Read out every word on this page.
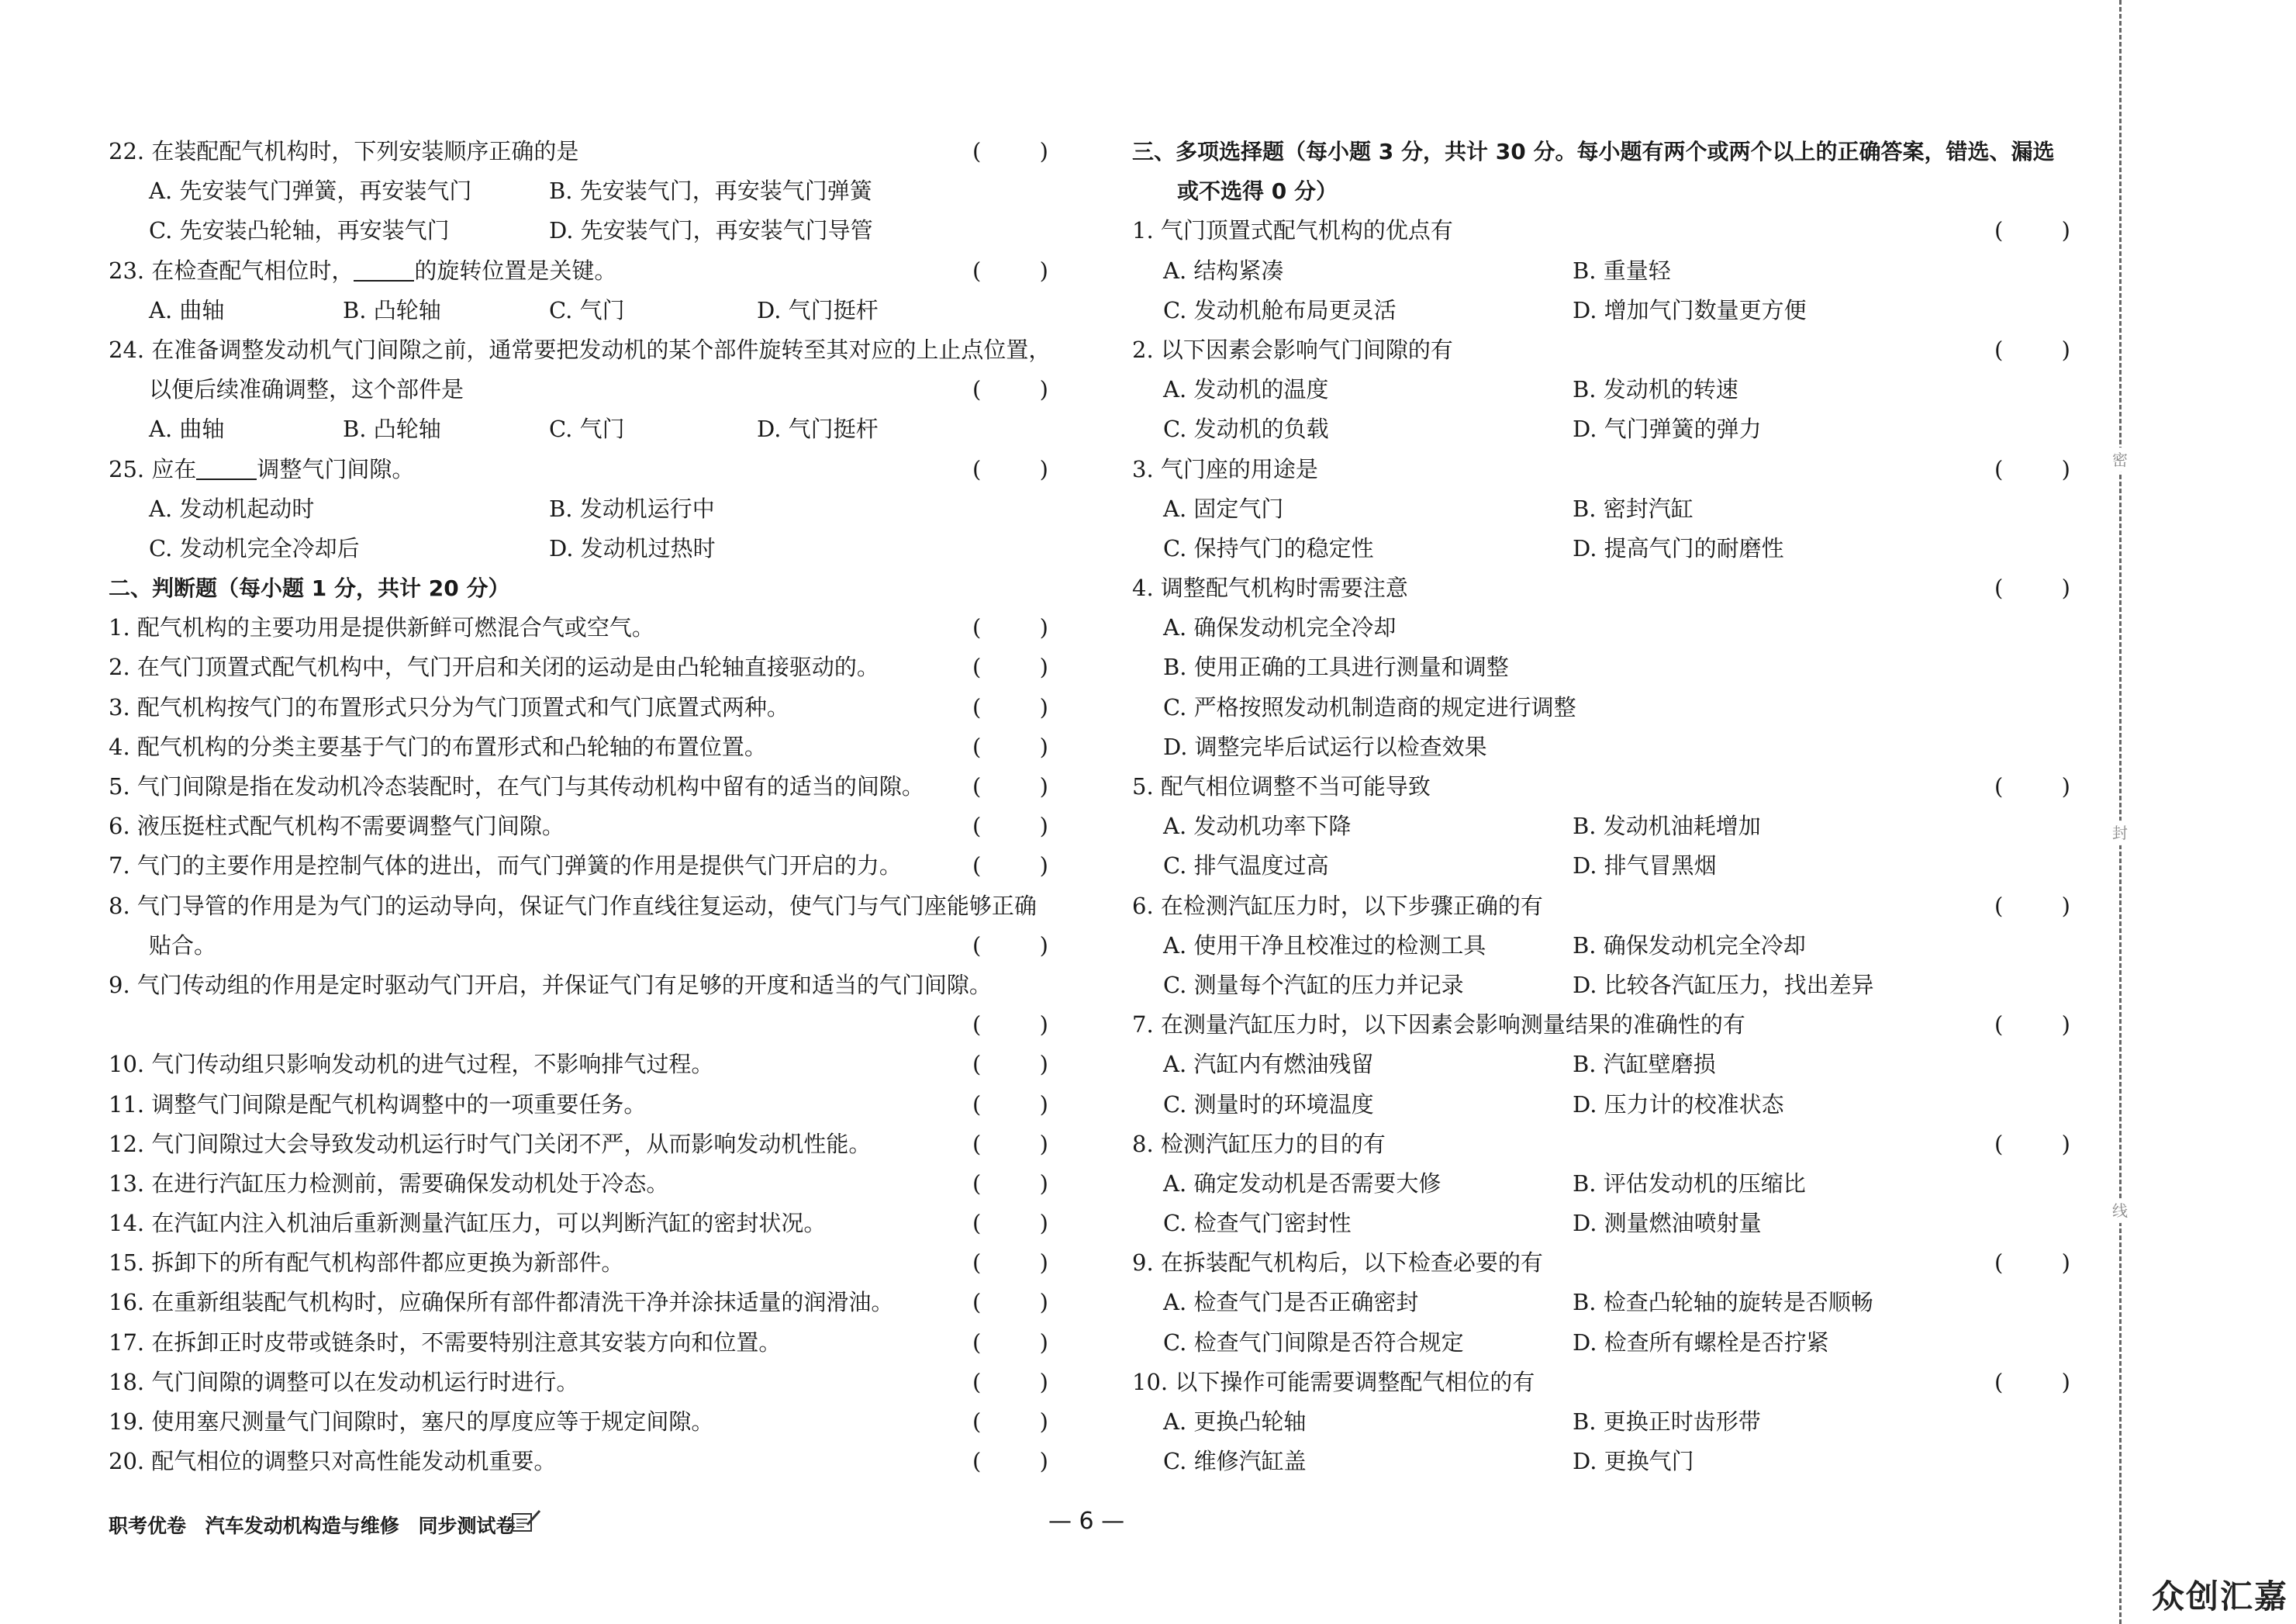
22. 在装配配气机构时，下列安装顺序正确的是	(	)
A. 先安装气门弹簧，再安装气门	B. 先安装气门，再安装气门弹簧
C. 先安装凸轮轴，再安装气门	D. 先安装气门，再安装气门导管
23. 在检查配气相位时，	的旋转位置是关键。	(	)
A. 曲轴	B. 凸轮轴	C. 气门	D. 气门挺杆
24. 在准备调整发动机气门间隙之前，通常要把发动机的某个部件旋转至其对应的上止点位置，
以便后续准确调整，这个部件是	(	)
A. 曲轴	B. 凸轮轴	C. 气门	D. 气门挺杆
25. 应在	调整气门间隙。	(	)
A. 发动机起动时	B. 发动机运行中
C. 发动机完全冷却后	D. 发动机过热时
二、判断题（每小题 1 分，共计 20 分）
1. 配气机构的主要功用是提供新鲜可燃混合气或空气。	(	)
2. 在气门顶置式配气机构中，气门开启和关闭的运动是由凸轮轴直接驱动的。	(	)
3. 配气机构按气门的布置形式只分为气门顶置式和气门底置式两种。	(	)
4. 配气机构的分类主要基于气门的布置形式和凸轮轴的布置位置。	(	)
5. 气门间隙是指在发动机冷态装配时，在气门与其传动机构中留有的适当的间隙。 (	)
6. 液压挺柱式配气机构不需要调整气门间隙。	(	)
7. 气门的主要作用是控制气体的进出，而气门弹簧的作用是提供气门开启的力。	(	)
8. 气门导管的作用是为气门的运动导向，保证气门作直线往复运动，使气门与气门座能够正确
贴合。	(	)
9. 气门传动组的作用是定时驱动气门开启，并保证气门有足够的开度和适当的气门间隙。
(	)
10. 气门传动组只影响发动机的进气过程，不影响排气过程。	(	)
11. 调整气门间隙是配气机构调整中的一项重要任务。	(	)
12. 气门间隙过大会导致发动机运行时气门关闭不严，从而影响发动机性能。	(	)
13. 在进行汽缸压力检测前，需要确保发动机处于冷态。	(	)
14. 在汽缸内注入机油后重新测量汽缸压力，可以判断汽缸的密封状况。	(	)
15. 拆卸下的所有配气机构部件都应更换为新部件。	(	)
16. 在重新组装配气机构时，应确保所有部件都清洗干净并涂抹适量的润滑油。	(	)
17. 在拆卸正时皮带或链条时，不需要特别注意其安装方向和位置。	(	)
18. 气门间隙的调整可以在发动机运行时进行。	(	)
19. 使用塞尺测量气门间隙时，塞尺的厚度应等于规定间隙。	(	)
20. 配气相位的调整只对高性能发动机重要。	(	)
三、多项选择题（每小题 3 分，共计 30 分。每小题有两个或两个以上的正确答案，错选、漏选
或不选得 0 分）
1. 气门顶置式配气机构的优点有	(	)
A. 结构紧凑	B. 重量轻
C. 发动机舱布局更灵活	D. 增加气门数量更方便
2. 以下因素会影响气门间隙的有	(	)
A. 发动机的温度	B. 发动机的转速
C. 发动机的负载	D. 气门弹簧的弹力
3. 气门座的用途是	(	)
A. 固定气门	B. 密封汽缸
C. 保持气门的稳定性	D. 提高气门的耐磨性
4. 调整配气机构时需要注意	(	)
A. 确保发动机完全冷却
B. 使用正确的工具进行测量和调整
C. 严格按照发动机制造商的规定进行调整
D. 调整完毕后试运行以检查效果
5. 配气相位调整不当可能导致	(	)
A. 发动机功率下降	B. 发动机油耗增加
C. 排气温度过高	D. 排气冒黑烟
6. 在检测汽缸压力时，以下步骤正确的有	(	)
A. 使用干净且校准过的检测工具	B. 确保发动机完全冷却
C. 测量每个汽缸的压力并记录	D. 比较各汽缸压力，找出差异
7. 在测量汽缸压力时，以下因素会影响测量结果的准确性的有	(	)
A. 汽缸内有燃油残留	B. 汽缸壁磨损
C. 测量时的环境温度	D. 压力计的校准状态
8. 检测汽缸压力的目的有	(	)
A. 确定发动机是否需要大修	B. 评估发动机的压缩比
C. 检查气门密封性	D. 测量燃油喷射量
9. 在拆装配气机构后，以下检查必要的有	(	)
A. 检查气门是否正确密封	B. 检查凸轮轴的旋转是否顺畅
C. 检查气门间隙是否符合规定	D. 检查所有螺栓是否拧紧
10. 以下操作可能需要调整配气相位的有	(	)
A. 更换凸轮轴	B. 更换正时齿形带
C. 维修汽缸盖	D. 更换气门
职考优卷 汽车发动机构造与维修 同步测试卷	— 6 —
密
封
线
众创汇嘉
